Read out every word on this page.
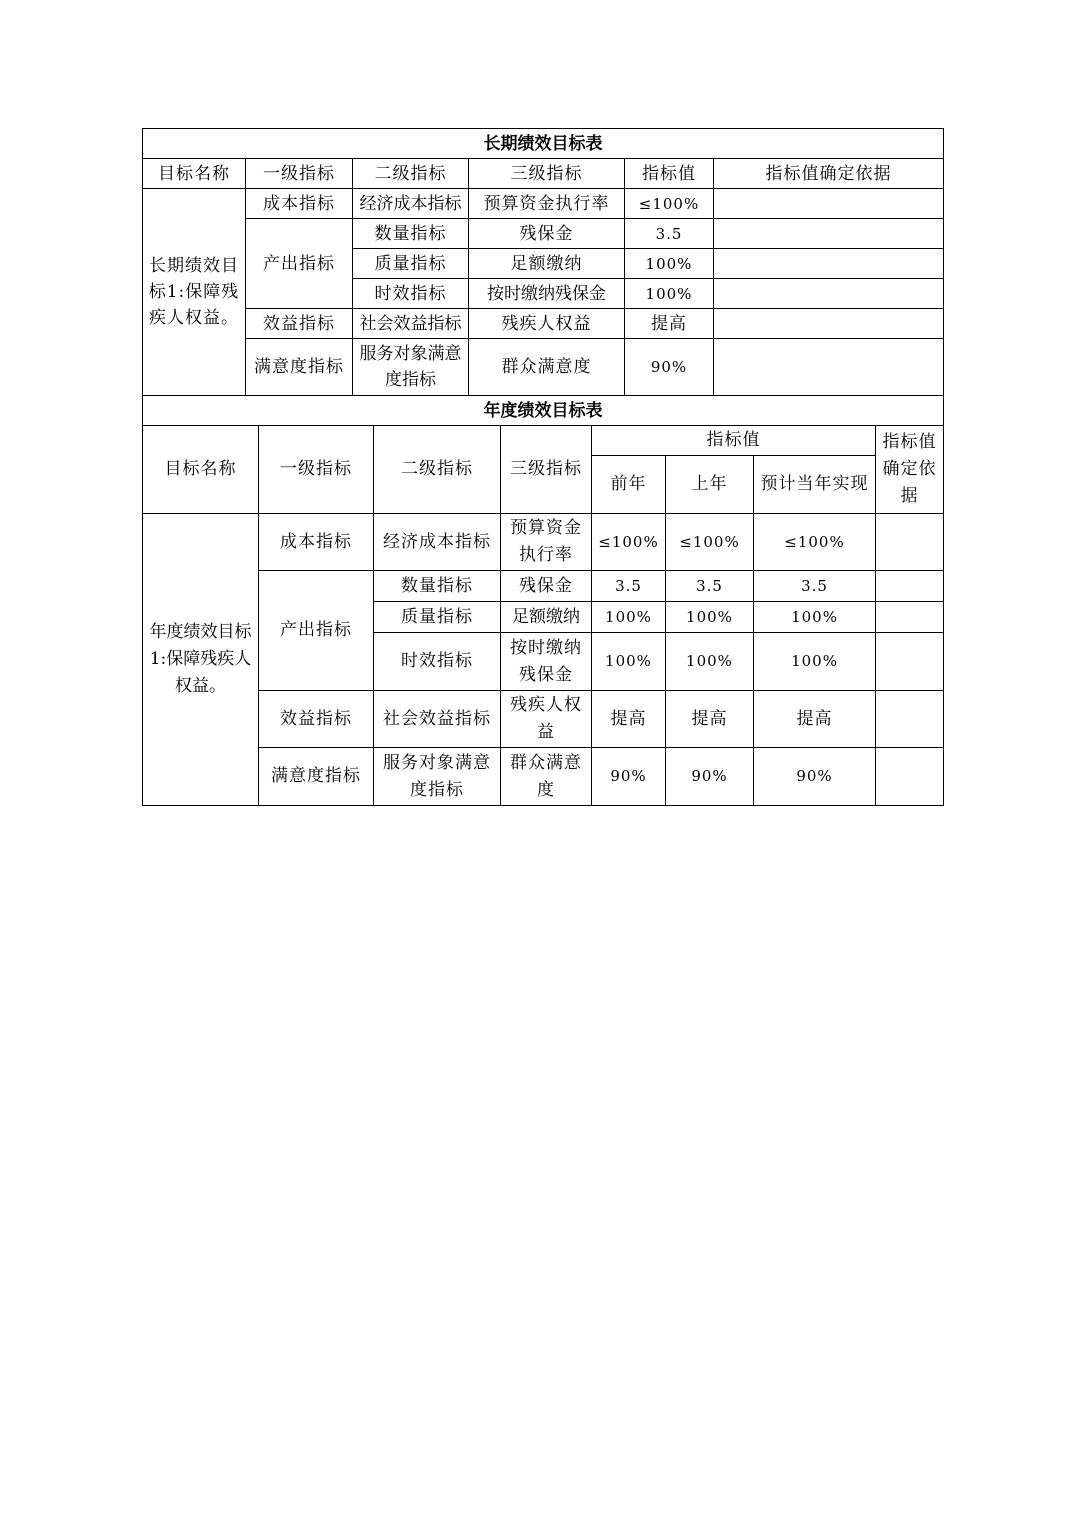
长期绩效目标表					
目标名称	一级指标	二级指标	三级指标	指标值	指标值确定依据
长期绩效目标1:保障残疾人权益。	成本指标	经济成本指标	预算资金执行率	≤100%	
	产出指标	数量指标	残保金	3.5	
		质量指标	足额缴纳	100%	
		时效指标	按时缴纳残保金	100%	
	效益指标	社会效益指标	残疾人权益	提高	
	满意度指标	服务对象满意度指标	群众满意度	90%	
年度绩效目标表					
目标名称	一级指标	二级指标	三级指标	指标值			指标值确定依据
				前年	上年	预计当年实现	
年度绩效目标1:保障残疾人权益。	成本指标	经济成本指标	预算资金执行率	≤100%	≤100%	≤100%	
	产出指标	数量指标	残保金	3.5	3.5	3.5	
		质量指标	足额缴纳	100%	100%	100%	
		时效指标	按时缴纳残保金	100%	100%	100%	
	效益指标	社会效益指标	残疾人权益	提高	提高	提高	
	满意度指标	服务对象满意度指标	群众满意度	90%	90%	90%	
